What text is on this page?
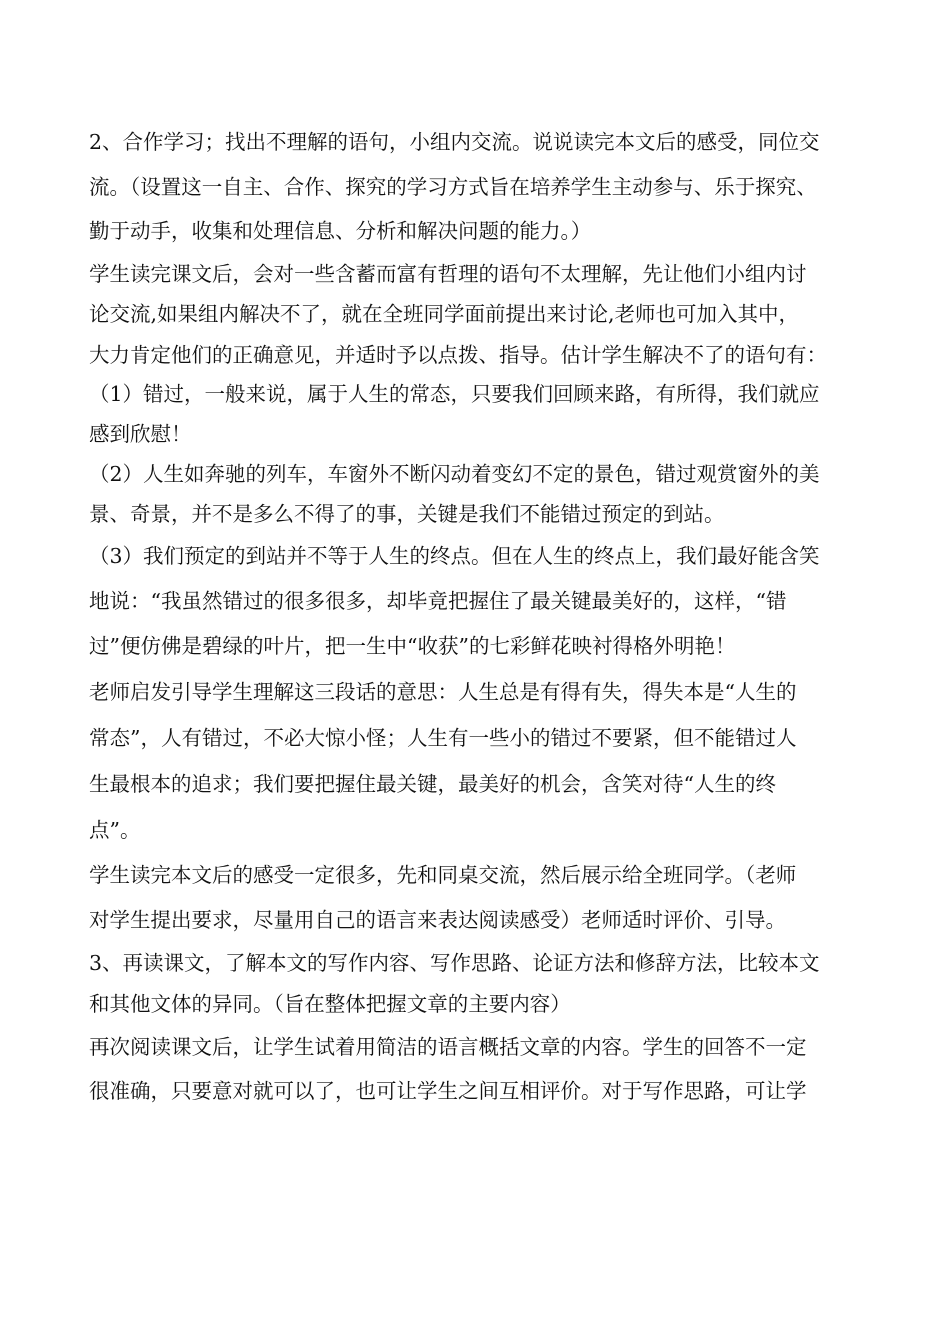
2、合作学习；找出不理解的语句，小组内交流。说说读完本文后的感受，同位交
流。（设置这一自主、合作、探究的学习方式旨在培养学生主动参与、乐于探究、
勤于动手，收集和处理信息、分析和解决问题的能力。）
学生读完课文后，会对一些含蓄而富有哲理的语句不太理解，先让他们小组内讨
论交流,如果组内解决不了，就在全班同学面前提出来讨论,老师也可加入其中，
大力肯定他们的正确意见，并适时予以点拨、指导。估计学生解决不了的语句有：
（1）错过，一般来说，属于人生的常态，只要我们回顾来路，有所得，我们就应
感到欣慰！
（2）人生如奔驰的列车，车窗外不断闪动着变幻不定的景色，错过观赏窗外的美
景、奇景，并不是多么不得了的事，关键是我们不能错过预定的到站。
（3）我们预定的到站并不等于人生的终点。但在人生的终点上，我们最好能含笑
地说：“我虽然错过的很多很多，却毕竟把握住了最关键最美好的，这样，“错
过”便仿佛是碧绿的叶片，把一生中“收获”的七彩鲜花映衬得格外明艳！
老师启发引导学生理解这三段话的意思：人生总是有得有失，得失本是“人生的
常态”，人有错过，不必大惊小怪；人生有一些小的错过不要紧，但不能错过人
生最根本的追求；我们要把握住最关键，最美好的机会，含笑对待“人生的终
点”。
学生读完本文后的感受一定很多，先和同桌交流，然后展示给全班同学。（老师
对学生提出要求，尽量用自己的语言来表达阅读感受）老师适时评价、引导。
3、再读课文，了解本文的写作内容、写作思路、论证方法和修辞方法，比较本文
和其他文体的异同。（旨在整体把握文章的主要内容）
再次阅读课文后，让学生试着用简洁的语言概括文章的内容。学生的回答不一定
很准确，只要意对就可以了，也可让学生之间互相评价。对于写作思路，可让学
